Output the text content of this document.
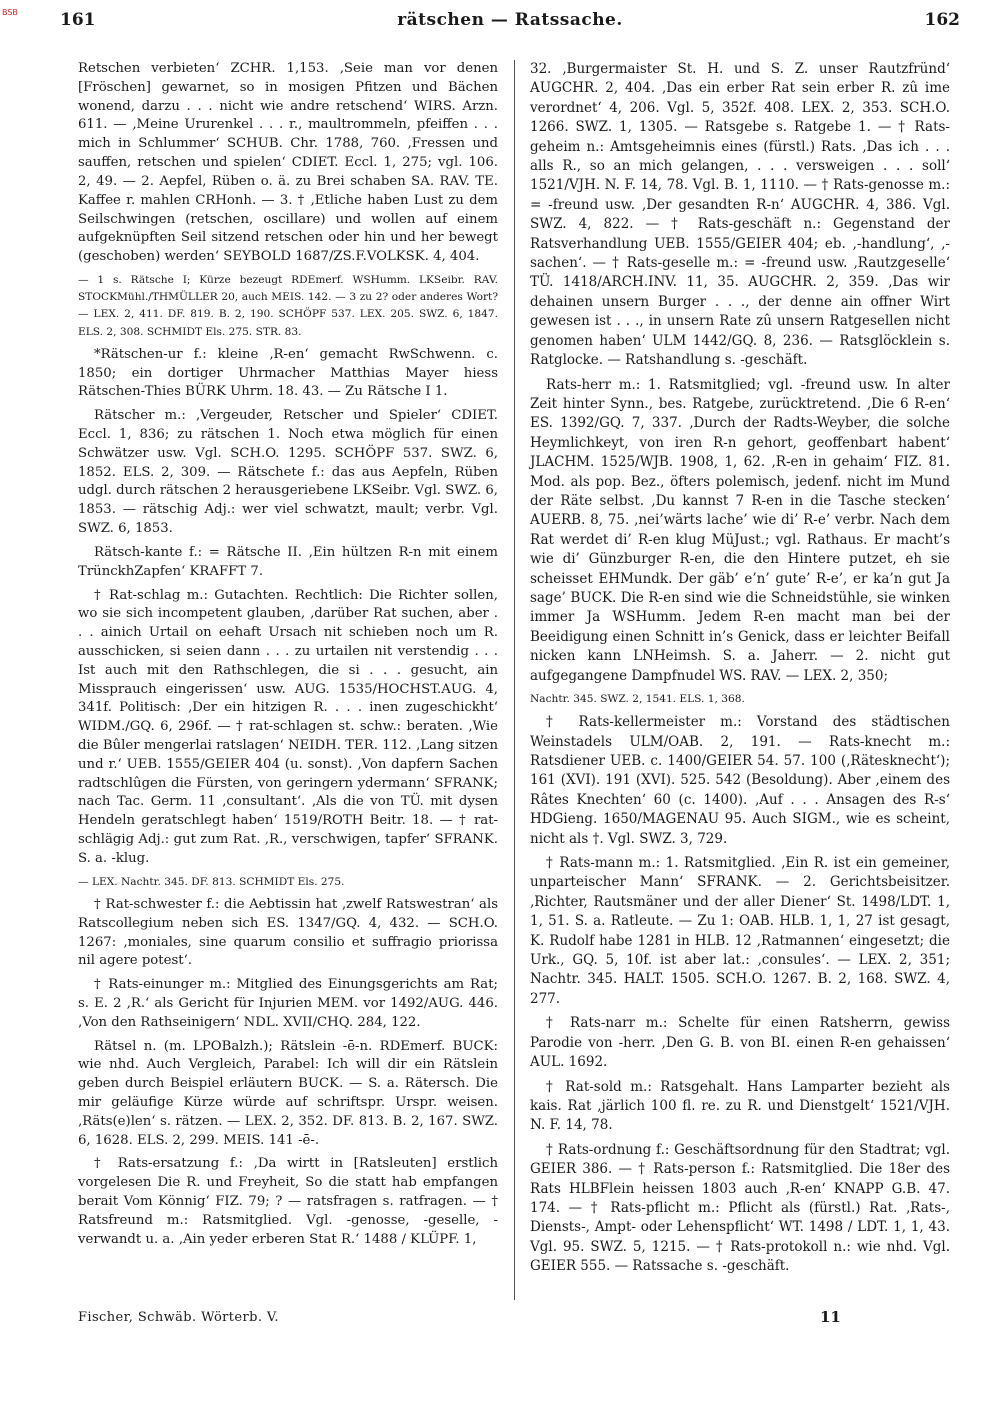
BSB 161	rätschen — Ratssache.	162

Retschen verbieten‘ ZCHR. 1,153. ‚Seie man vor denen [Fröschen] gewarnet, so in mosigen Pfitzen und Bächen wonend, darzu . . . nicht wie andre retschend‘ WIRS. Arzn. 611. — ‚Meine Ururenkel . . . r., maultrommeln, pfeiffen . . . mich in Schlummer‘ SCHUB. Chr. 1788, 760. ‚Fressen und sauffen, retschen und spielen‘ CDIET. Eccl. 1, 275; vgl. 106. 2, 49. — 2. Aepfel, Rüben o. ä. zu Brei schaben SA. RAV. TE. Kaffee r. mahlen CRHonh. — 3. † ‚Etliche haben Lust zu dem Seilschwingen (retschen, oscillare) und wollen auf einem aufgeknüpften Seil sitzend retschen oder hin und her bewegt (geschoben) werden‘ SEYBOLD 1687/ZS.F.VOLKSK. 4, 404.

— 1 s. Rätsche I; Kürze bezeugt RDEmerf. WSHumm. LKSeibr. RAV. STOCKMühl./THMÜLLER 20, auch MEIS. 142. — 3 zu 2? oder anderes Wort? — LEX. 2, 411. DF. 819. B. 2, 190. SCHÖPF 537. LEX. 205. SWZ. 6, 1847. ELS. 2, 308. SCHMIDT Els. 275. STR. 83.

*Rätschen-ur f.: kleine ‚R-en‘ gemacht RwSchwenn. c. 1850; ein dortiger Uhrmacher Matthias Mayer hiess Rätschen-Thies BÜRK Uhrm. 18. 43. — Zu Rätsche I 1.

Rätscher m.: ‚Vergeuder, Retscher und Spieler‘ CDIET. Eccl. 1, 836; zu rätschen 1. Noch etwa möglich für einen Schwätzer usw. Vgl. SCH.O. 1295. SCHÖPF 537. SWZ. 6, 1852. ELS. 2, 309. — Rätschete f.: das aus Aepfeln, Rüben udgl. durch rätschen 2 herausgeriebene LKSeibr. Vgl. SWZ. 6, 1853. — rätschig Adj.: wer viel schwatzt, mault; verbr. Vgl. SWZ. 6, 1853.

Rätsch-kante f.: = Rätsche II. ‚Ein hültzen R-n mit einem TrünckhZapfen‘ KRAFFT 7.

† Rat-schlag m.: Gutachten. Rechtlich: Die Richter sollen, wo sie sich incompetent glauben, ‚darüber Rat suchen, aber . . . ainich Urtail on eehaft Ursach nit schieben noch um R. ausschicken, si seien dann . . . zu urtailen nit verstendig . . . Ist auch mit den Rathschlegen, die si . . . gesucht, ain Missprauch eingerissen‘ usw. AUG. 1535/HOCHST.AUG. 4, 341f. Politisch: ‚Der ein hitzigen R. . . . inen zugeschickht‘ WIDM./GQ. 6, 296f. — † rat-schlagen st. schw.: beraten. ‚Wie die Bûler mengerlai ratslagen‘ NEIDH. TER. 112. ‚Lang sitzen und r.‘ UEB. 1555/GEIER 404 (u. sonst). ‚Von dapfern Sachen radtschlûgen die Fürsten, von geringern ydermann‘ SFRANK; nach Tac. Germ. 11 ‚consultant‘. ‚Als die von TÜ. mit dysen Hendeln geratschlegt haben‘ 1519/ROTH Beitr. 18. — † rat-schlägig Adj.: gut zum Rat. ‚R., verschwigen, tapfer‘ SFRANK. S. a. -klug.

— LEX. Nachtr. 345. DF. 813. SCHMIDT Els. 275.

† Rat-schwester f.: die Aebtissin hat ‚zwelf Ratswestran‘ als Ratscollegium neben sich ES. 1347/GQ. 4, 432. — SCH.O. 1267: ‚moniales, sine quarum consilio et suffragio priorissa nil agere potest‘.

† Rats-einunger m.: Mitglied des Einungsgerichts am Rat; s. E. 2 ‚R.‘ als Gericht für Injurien MEM. vor 1492/AUG. 446. ‚Von den Rathseinigern‘ NDL. XVII/CHQ. 284, 122.

Rätsel n. (m. LPOBalzh.); Rätslein -ē-n. RDEmerf. BUCK: wie nhd. Auch Vergleich, Parabel: Ich will dir ein Rätslein geben durch Beispiel erläutern BUCK. — S. a. Rätersch. Die mir geläufige Kürze würde auf schriftspr. Urspr. weisen. ‚Räts(e)len‘ s. rätzen. — LEX. 2, 352. DF. 813. B. 2, 167. SWZ. 6, 1628. ELS. 2, 299. MEIS. 141 -ē-.

† Rats-ersatzung f.: ‚Da wirtt in [Ratsleuten] erstlich vorgelesen Die R. und Freyheit, So die statt hab empfangen berait Vom Könnig‘ FIZ. 79; ? — ratsfragen s. ratfragen. — † Ratsfreund m.: Ratsmitglied. Vgl. -genosse, -geselle, -verwandt u. a. ‚Ain yeder erberen Stat R.‘ 1488 / KLÜPF. 1,

32. ‚Burgermaister St. H. und S. Z. unser Rautzfründ‘ AUGCHR. 2, 404. ‚Das ein erber Rat sein erber R. zû ime verordnet‘ 4, 206. Vgl. 5, 352f. 408. LEX. 2, 353. SCH.O. 1266. SWZ. 1, 1305. — Ratsgebe s. Ratgebe 1. — † Rats-geheim n.: Amtsgeheimnis eines (fürstl.) Rats. ‚Das ich . . . alls R., so an mich gelangen, . . . versweigen . . . soll‘ 1521/VJH. N. F. 14, 78. Vgl. B. 1, 1110. — † Rats-genosse m.: = -freund usw. ‚Der gesandten R-n‘ AUGCHR. 4, 386. Vgl. SWZ. 4, 822. — † Rats-geschäft n.: Gegenstand der Ratsverhandlung UEB. 1555/GEIER 404; eb. ‚-handlung‘, ‚-sachen‘. — † Rats-geselle m.: = -freund usw. ‚Rautzgeselle‘ TÜ. 1418/ARCH.INV. 11, 35. AUGCHR. 2, 359. ‚Das wir dehainen unsern Burger . . ., der denne ain offner Wirt gewesen ist . . ., in unsern Rate zû unsern Ratgesellen nicht genomen haben‘ ULM 1442/GQ. 8, 236. — Ratsglöcklein s. Ratglocke. — Ratshandlung s. -geschäft.

Rats-herr m.: 1. Ratsmitglied; vgl. -freund usw. In alter Zeit hinter Synn., bes. Ratgebe, zurücktretend. ‚Die 6 R-en‘ ES. 1392/GQ. 7, 337. ‚Durch der Radts-Weyber, die solche Heymlichkeyt, von iren R-n gehort, geoffenbart habent‘ JLACHM. 1525/WJB. 1908, 1, 62. ‚R-en in gehaim‘ FIZ. 81. Mod. als pop. Bez., öfters polemisch, jedenf. nicht im Mund der Räte selbst. ‚Du kannst 7 R-en in die Tasche stecken‘ AUERB. 8, 75. ‚nei’wärts lache’ wie di’ R-e’ verbr. Nach dem Rat werdet di’ R-en klug MüJust.; vgl. Rathaus. Er macht’s wie di’ Günzburger R-en, die den Hintere putzet, eh sie scheisset EHMundk. Der gäb’ e’n’ gute’ R-e’, er ka’n gut Ja sage’ BUCK. Die R-en sind wie die Schneidstühle, sie winken immer Ja WSHumm. Jedem R-en macht man bei der Beeidigung einen Schnitt in’s Genick, dass er leichter Beifall nicken kann LNHeimsh. S. a. Jaherr. — 2. nicht gut aufgegangene Dampfnudel WS. RAV. — LEX. 2, 350;

Nachtr. 345. SWZ. 2, 1541. ELS. 1, 368.

† Rats-kellermeister m.: Vorstand des städtischen Weinstadels ULM/OAB. 2, 191. — Rats-knecht m.: Ratsdiener UEB. c. 1400/GEIER 54. 57. 100 (‚Rätesknecht‘); 161 (XVI). 191 (XVI). 525. 542 (Besoldung). Aber ‚einem des Râtes Knechten‘ 60 (c. 1400). ‚Auf . . . Ansagen des R-s‘ HDGieng. 1650/MAGENAU 95. Auch SIGM., wie es scheint, nicht als †. Vgl. SWZ. 3, 729.

† Rats-mann m.: 1. Ratsmitglied. ‚Ein R. ist ein gemeiner, unparteischer Mann‘ SFRANK. — 2. Gerichtsbeisitzer. ‚Richter, Rautsmäner und der aller Diener‘ St. 1498/LDT. 1, 1, 51. S. a. Ratleute. — Zu 1: OAB. HLB. 1, 1, 27 ist gesagt, K. Rudolf habe 1281 in HLB. 12 ‚Ratmannen‘ eingesetzt; die Urk., GQ. 5, 10f. ist aber lat.: ‚consules‘. — LEX. 2, 351; Nachtr. 345. HALT. 1505. SCH.O. 1267. B. 2, 168. SWZ. 4, 277.

† Rats-narr m.: Schelte für einen Ratsherrn, gewiss Parodie von -herr. ‚Den G. B. von BI. einen R-en gehaissen‘ AUL. 1692.

† Rat-sold m.: Ratsgehalt. Hans Lamparter bezieht als kais. Rat ‚järlich 100 fl. re. zu R. und Dienstgelt‘ 1521/VJH. N. F. 14, 78.

† Rats-ordnung f.: Geschäftsordnung für den Stadtrat; vgl. GEIER 386. — † Rats-person f.: Ratsmitglied. Die 18er des Rats HLBFlein heissen 1803 auch ‚R-en‘ KNAPP G.B. 47. 174. — † Rats-pflicht m.: Pflicht als (fürstl.) Rat. ‚Rats-, Diensts-, Ampt- oder Lehenspflicht‘ WT. 1498 / LDT. 1, 1, 43. Vgl. 95. SWZ. 5, 1215. — † Rats-protokoll n.: wie nhd. Vgl. GEIER 555. — Ratssache s. -geschäft.

Fischer, Schwäb. Wörterb. V.	11
